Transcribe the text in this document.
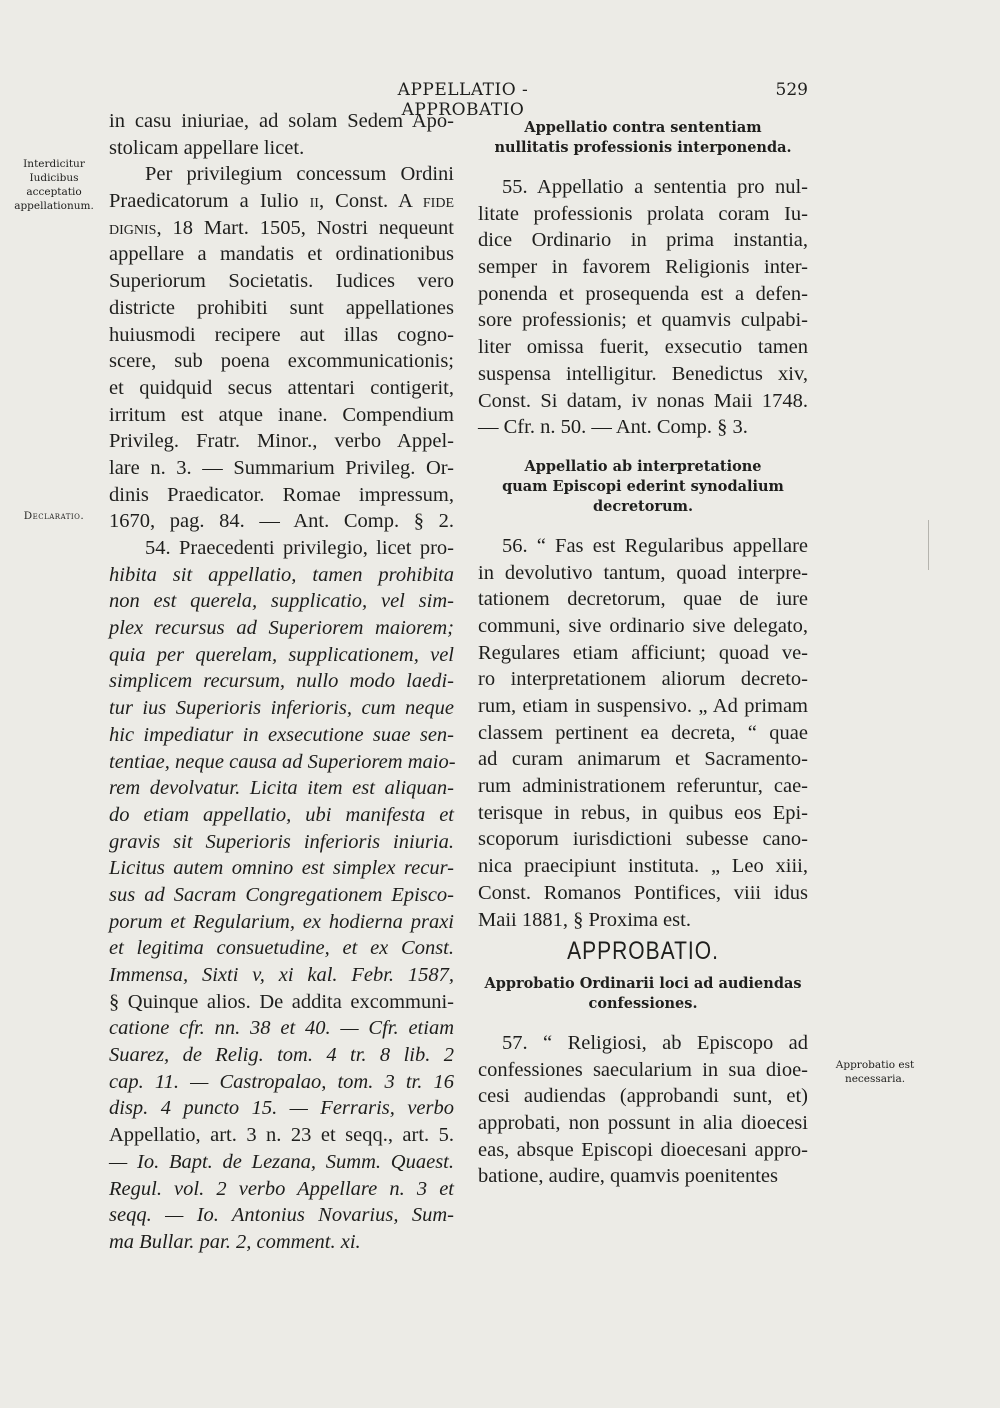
APPELLATIO - APPROBATIO
529
Interdicitur
Iudicibus
acceptatio
appellationum.
Declaratio.
Approbatio est
necessaria.
in casu iniuriae, ad solam Sedem Apo-
stolicam appellare licet.
Per privilegium concessum Ordini
Praedicatorum a Iulio ii, Const. A fide
dignis, 18 Mart. 1505, Nostri nequeunt
appellare a mandatis et ordinationibus
Superiorum Societatis. Iudices vero
districte prohibiti sunt appellationes
huiusmodi recipere aut illas cogno-
scere, sub poena excommunicationis;
et quidquid secus attentari contigerit,
irritum est atque inane. Compendium
Privileg. Fratr. Minor., verbo Appel-
lare n. 3. — Summarium Privileg. Or-
dinis Praedicator. Romae impressum,
1670, pag. 84. — Ant. Comp. § 2.
54. Praecedenti privilegio, licet pro-
hibita sit appellatio, tamen prohibita
non est querela, supplicatio, vel sim-
plex recursus ad Superiorem maiorem;
quia per querelam, supplicationem, vel
simplicem recursum, nullo modo laedi-
tur ius Superioris inferioris, cum neque
hic impediatur in exsecutione suae sen-
tentiae, neque causa ad Superiorem maio-
rem devolvatur. Licita item est aliquan-
do etiam appellatio, ubi manifesta et
gravis sit Superioris inferioris iniuria.
Licitus autem omnino est simplex recur-
sus ad Sacram Congregationem Episco-
porum et Regularium, ex hodierna praxi
et legitima consuetudine, et ex Const.
Immensa, Sixti v, xi kal. Febr. 1587,
§ Quinque alios. De addita excommuni-
catione cfr. nn. 38 et 40. — Cfr. etiam
Suarez, de Relig. tom. 4 tr. 8 lib. 2
cap. 11. — Castropalao, tom. 3 tr. 16
disp. 4 puncto 15. — Ferraris, verbo
Appellatio, art. 3 n. 23 et seqq., art. 5.
— Io. Bapt. de Lezana, Summ. Quaest.
Regul. vol. 2 verbo Appellare n. 3 et
seqq. — Io. Antonius Novarius, Sum-
ma Bullar. par. 2, comment. xi.
Appellatio contra sententiam
nullitatis professionis interponenda.
55. Appellatio a sententia pro nul-
litate professionis prolata coram Iu-
dice Ordinario in prima instantia,
semper in favorem Religionis inter-
ponenda et prosequenda est a defen-
sore professionis; et quamvis culpabi-
liter omissa fuerit, exsecutio tamen
suspensa intelligitur. Benedictus xiv,
Const. Si datam, iv nonas Maii 1748.
— Cfr. n. 50. — Ant. Comp. § 3.
Appellatio ab interpretatione
quam Episcopi ederint synodalium
decretorum.
56. “ Fas est Regularibus appellare
in devolutivo tantum, quoad interpre-
tationem decretorum, quae de iure
communi, sive ordinario sive delegato,
Regulares etiam afficiunt; quoad ve-
ro interpretationem aliorum decreto-
rum, etiam in suspensivo. „ Ad primam
classem pertinent ea decreta, “ quae
ad curam animarum et Sacramento-
rum administrationem referuntur, cae-
terisque in rebus, in quibus eos Epi-
scoporum iurisdictioni subesse cano-
nica praecipiunt instituta. „ Leo xiii,
Const. Romanos Pontifices, viii idus
Maii 1881, § Proxima est.
APPROBATIO.
Approbatio Ordinarii loci ad audiendas
confessiones.
57. “ Religiosi, ab Episcopo ad
confessiones saecularium in sua dioe-
cesi audiendas (approbandi sunt, et)
approbati, non possunt in alia dioecesi
eas, absque Episcopi dioecesani appro-
batione, audire, quamvis poenitentes
